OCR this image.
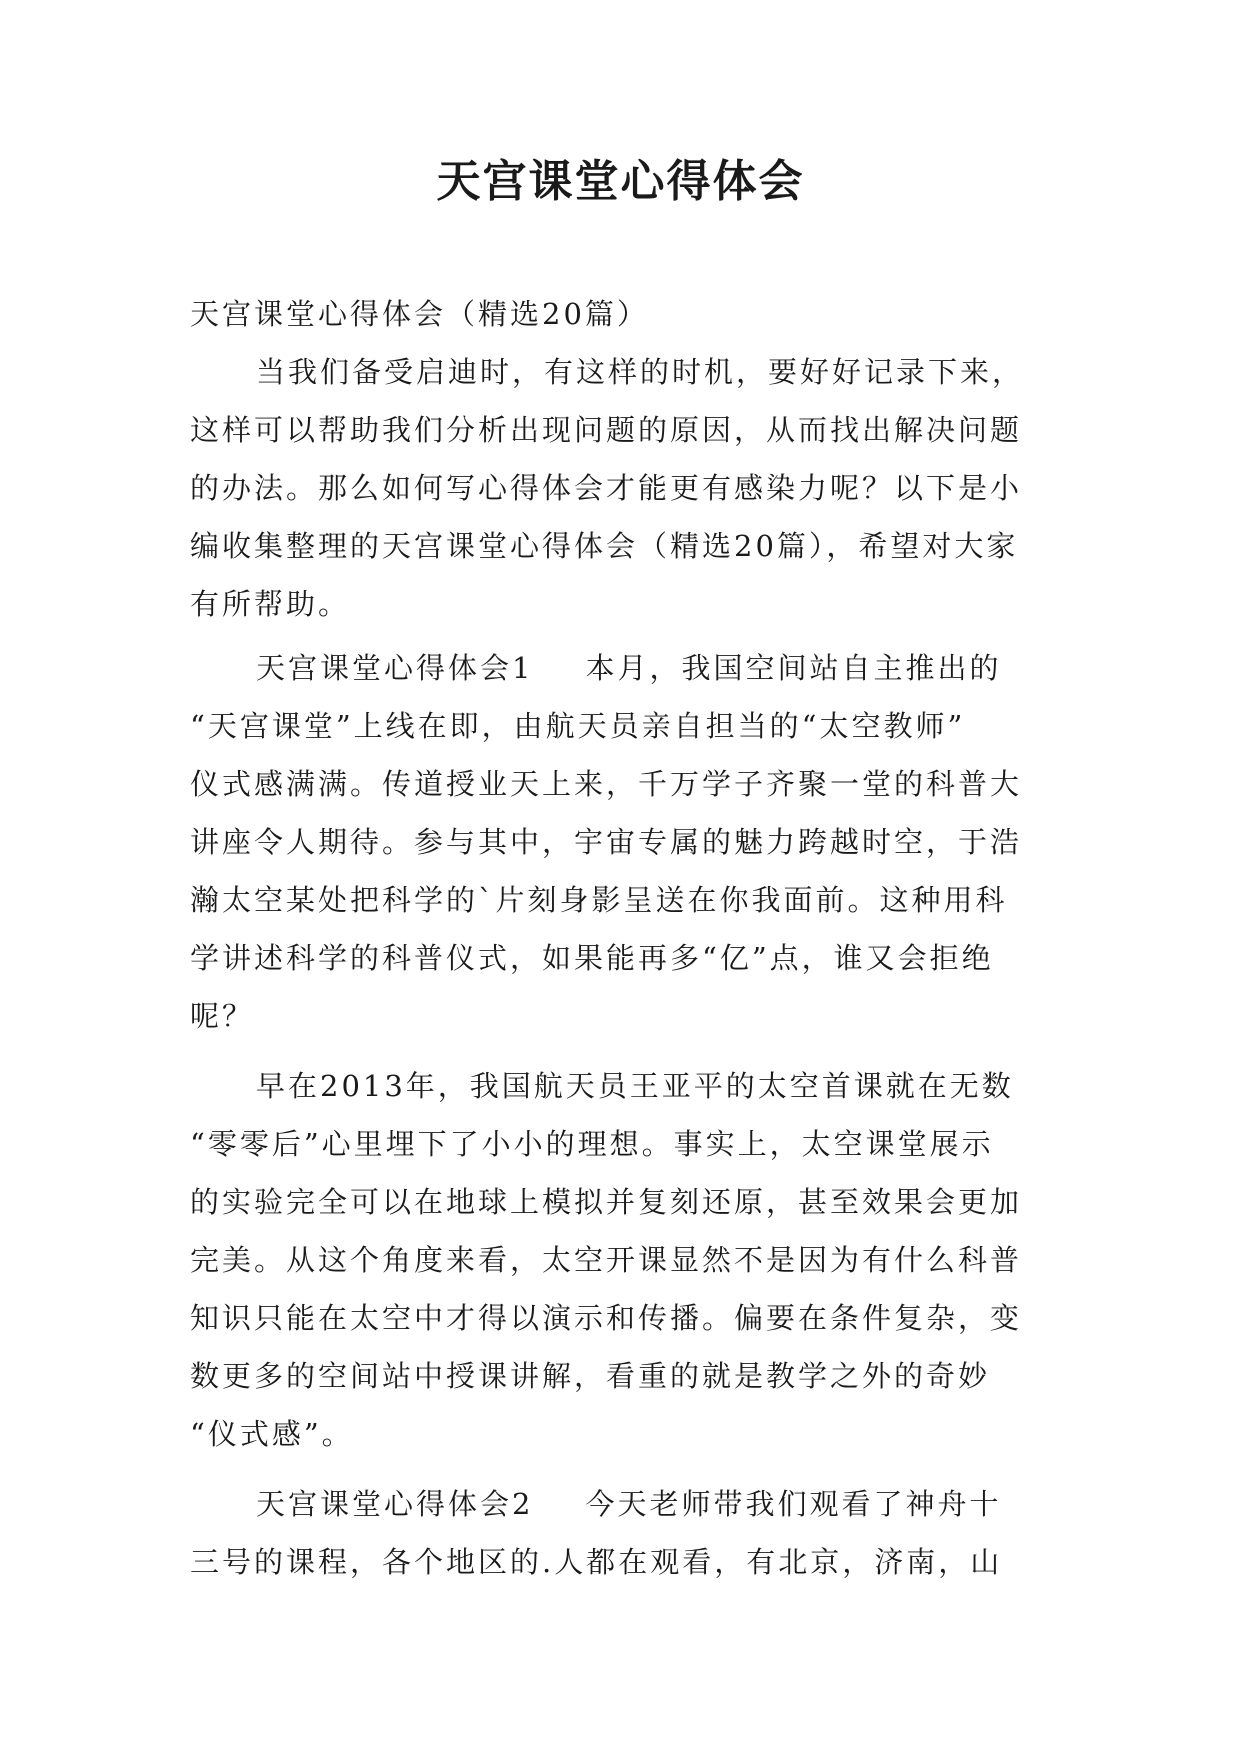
天宫课堂心得体会
天宫课堂心得体会（精选20篇）
当我们备受启迪时，有这样的时机，要好好记录下来，
这样可以帮助我们分析出现问题的原因，从而找出解决问题
的办法。那么如何写心得体会才能更有感染力呢？以下是小
编收集整理的天宫课堂心得体会（精选20篇），希望对大家
有所帮助。
天宫课堂心得体会1 本月，我国空间站自主推出的
“天宫课堂”上线在即，由航天员亲自担当的“太空教师”
仪式感满满。传道授业天上来，千万学子齐聚一堂的科普大
讲座令人期待。参与其中，宇宙专属的魅力跨越时空，于浩
瀚太空某处把科学的`片刻身影呈送在你我面前。这种用科
学讲述科学的科普仪式，如果能再多“亿”点，谁又会拒绝
呢？
早在2013年，我国航天员王亚平的太空首课就在无数
“零零后”心里埋下了小小的理想。事实上，太空课堂展示
的实验完全可以在地球上模拟并复刻还原，甚至效果会更加
完美。从这个角度来看，太空开课显然不是因为有什么科普
知识只能在太空中才得以演示和传播。偏要在条件复杂，变
数更多的空间站中授课讲解，看重的就是教学之外的奇妙
“仪式感”。
天宫课堂心得体会2 今天老师带我们观看了神舟十
三号的课程，各个地区的.人都在观看，有北京，济南，山
